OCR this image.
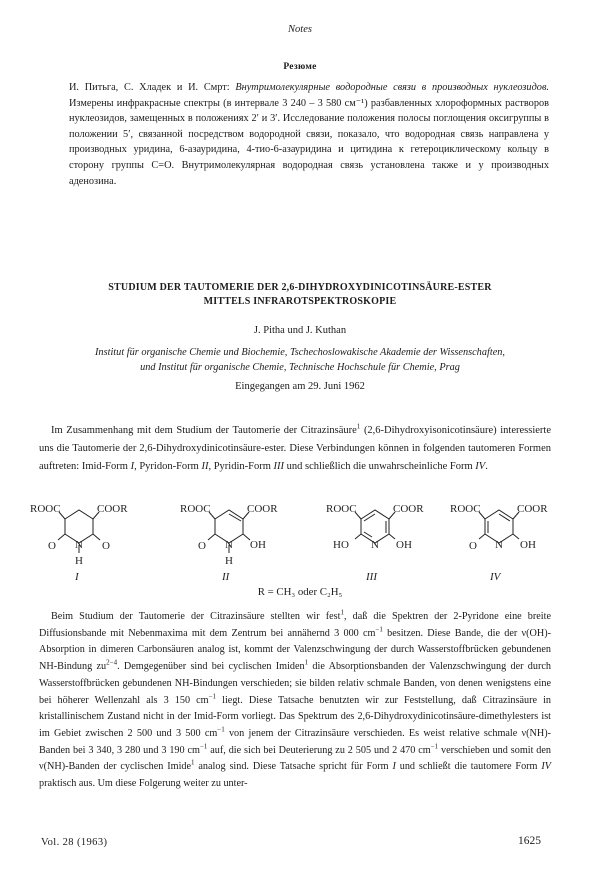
Notes
Резюме
И. Питьга, С. Хладек и И. Смрт: Внутримолекулярные водородные связи в производных нуклеозидов. Измерены инфракрасные спектры (в интервале 3 240 – 3 580 см⁻¹) разбавленных хлороформных растворов нуклеозидов, замещенных в положениях 2′ и 3′. Исследование положения полосы поглощения оксигруппы в положении 5′, связанной посредством водородной связи, показало, что водородная связь направлена у производных уридина, 6-азауридина, 4-тио-6-азауридина и цитидина к гетероциклическому кольцу в сторону группы C=O. Внутримолекулярная водородная связь установлена также и у производных аденозина.
STUDIUM DER TAUTOMERIE DER 2,6-DIHYDROXYDINICOTINSÄURE-ESTER
MITTELS INFRAROTSPEKTROSKOPIE
J. Pitha und J. Kuthan
Institut für organische Chemie und Biochemie, Tschechoslowakische Akademie der Wissenschaften,
und Institut für organische Chemie, Technische Hochschule für Chemie, Prag
Eingegangen am 29. Juni 1962
Im Zusammenhang mit dem Studium der Tautomerie der Citrazinsäure$^1$ (2,6-Dihydroxyisonicotinsäure) interessierte uns die Tautomerie der 2,6-Dihydroxydinicotinsäure-ester. Diese Verbindungen können in folgenden tautomeren Formen auftreten: Imid-Form I, Pyridon-Form II, Pyridin-Form III und schließlich die unwahrscheinliche Form IV.
ROOC	COOR
O	O
N
H
I
ROOC	COOR
O N OH
H
II
ROOC	COOR
HO N OH
III
ROOC	COOR
O N OH
IV
R = CH₃ oder C₂H₅
Beim Studium der Tautomerie der Citrazinsäure stellten wir fest$^1$, daß die Spektren der 2-Pyridone eine breite Diffusionsbande mit Nebenmaxima mit dem Zentrum bei annähernd 3 000 $cm^{-1}$ besitzen. Diese Bande, die der ν(OH)-Absorption in dimeren Carbonsäuren analog ist, kommt der Valenzschwingung der durch Wasserstoffbrücken gebundenen NH-Bindung $zu^{2-4}$. Demgegenüber sind bei cyclischen Imiden$^1$ die Absorptionsbanden der Valenzschwingung der durch Wasserstoffbrücken gebundenen NH-Bindungen verschieden; sie bilden relativ schmale Banden, von denen wenigstens eine bei höherer Wellenzahl als 3 150 $cm^{-1}$ liegt. Diese Tatsache benutzten wir zur Feststellung, daß Citrazinsäure in kristallinischem Zustand nicht in der Imid-Form vorliegt. Das Spektrum des 2,6-Dihydroxydinicotinsäure-dimethylesters ist im Gebiet zwischen 2 500 und 3 500 $cm^{-1}$ von jenem der Citrazinsäure verschieden. Es weist relative schmale ν(NH)-Banden bei 3 340, 3 280 und 3 190 $cm^{-1}$ auf, die sich bei Deuterierung zu 2 505 und 2 470 $cm^{-1}$ verschieben und somit den ν(NH)-Banden der cyclischen Imide$^1$ analog sind. Diese Tatsache spricht für Form I und schließt die tautomere Form IV praktisch aus. Um diese Folgerung weiter zu unter-
Vol. 28 (1963)	1625
